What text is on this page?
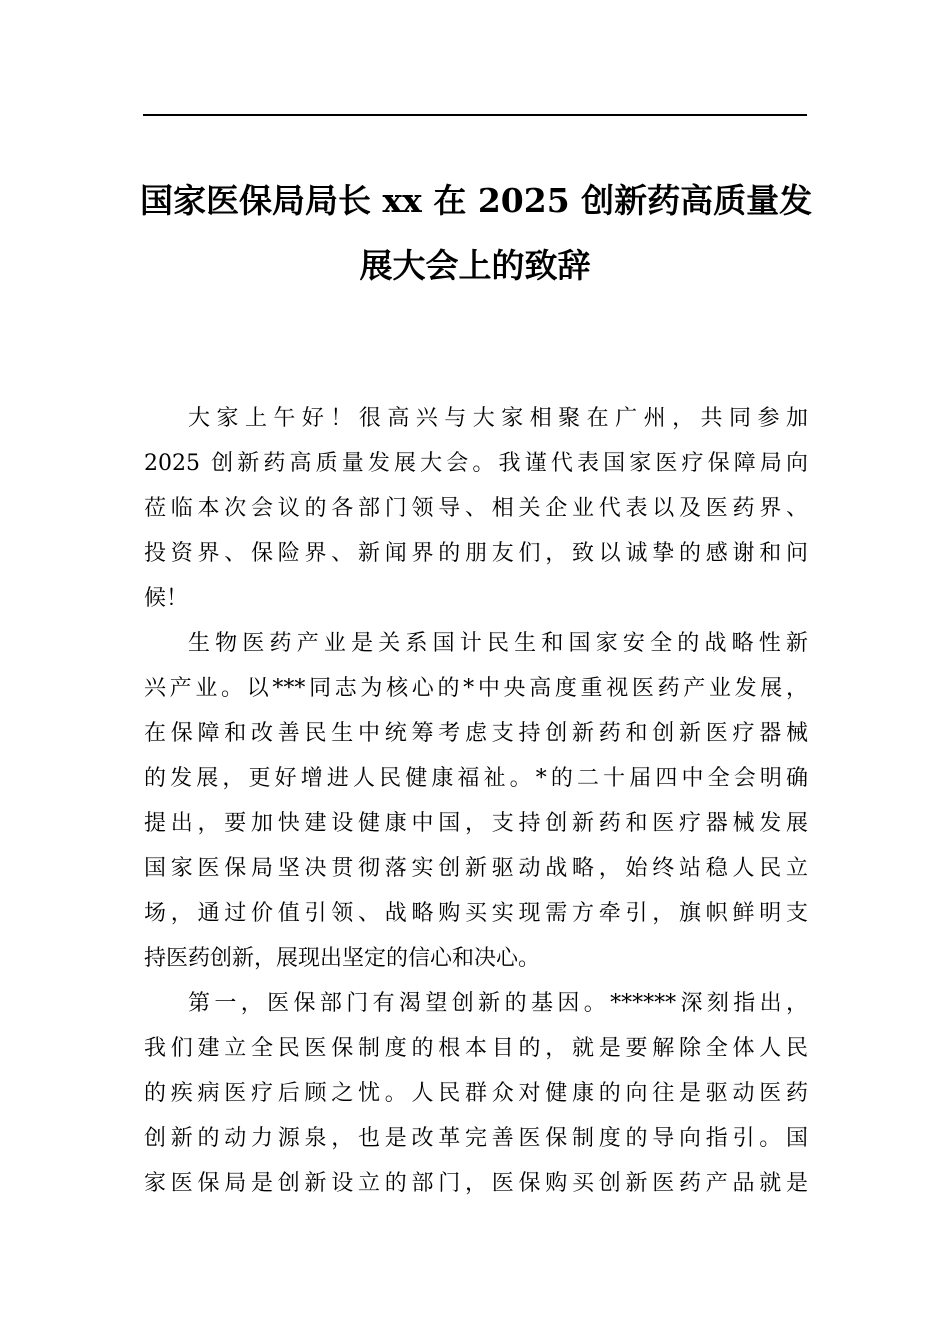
国家医保局局长 xx 在 2025 创新药高质量发
展大会上的致辞
大家上午好！很高兴与大家相聚在广州，共同参加
2025 创新药高质量发展大会。我谨代表国家医疗保障局向
莅临本次会议的各部门领导、相关企业代表以及医药界、
投资界、保险界、新闻界的朋友们，致以诚挚的感谢和问
候！
生物医药产业是关系国计民生和国家安全的战略性新
兴产业。以***同志为核心的*中央高度重视医药产业发展，
在保障和改善民生中统筹考虑支持创新药和创新医疗器械
的发展，更好增进人民健康福祉。*的二十届四中全会明确
提出，要加快建设健康中国，支持创新药和医疗器械发展
国家医保局坚决贯彻落实创新驱动战略，始终站稳人民立
场，通过价值引领、战略购买实现需方牵引，旗帜鲜明支
持医药创新，展现出坚定的信心和决心。
第一，医保部门有渴望创新的基因。******深刻指出，
我们建立全民医保制度的根本目的，就是要解除全体人民
的疾病医疗后顾之忧。人民群众对健康的向往是驱动医药
创新的动力源泉，也是改革完善医保制度的导向指引。国
家医保局是创新设立的部门，医保购买创新医药产品就是
